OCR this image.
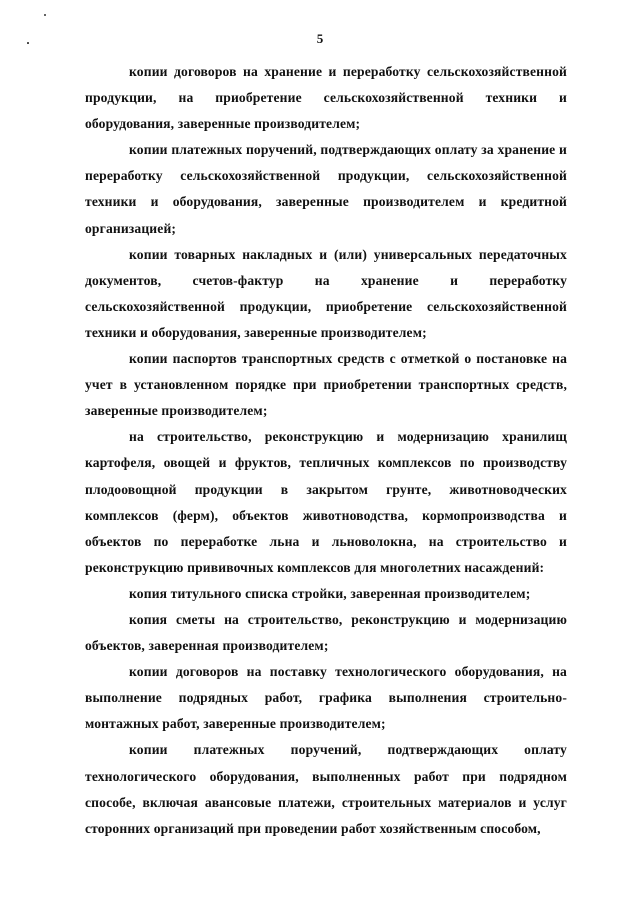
5

копии договоров на хранение и переработку сельскохозяйственной продукции, на приобретение сельскохозяйственной техники и оборудования, заверенные производителем;

копии платежных поручений, подтверждающих оплату за хранение и переработку сельскохозяйственной продукции, сельскохозяйственной техники и оборудования, заверенные производителем и кредитной организацией;

копии товарных накладных и (или) универсальных передаточных документов, счетов-фактур на хранение и переработку сельскохозяйственной продукции, приобретение сельскохозяйственной техники и оборудования, заверенные производителем;

копии паспортов транспортных средств с отметкой о постановке на учет в установленном порядке при приобретении транспортных средств, заверенные производителем;

на строительство, реконструкцию и модернизацию хранилищ картофеля, овощей и фруктов, тепличных комплексов по производству плодоовощной продукции в закрытом грунте, животноводческих комплексов (ферм), объектов животноводства, кормопроизводства и объектов по переработке льна и льноволокна, на строительство и реконструкцию прививочных комплексов для многолетних насаждений:

копия титульного списка стройки, заверенная производителем;

копия сметы на строительство, реконструкцию и модернизацию объектов, заверенная производителем;

копии договоров на поставку технологического оборудования, на выполнение подрядных работ, графика выполнения строительно-монтажных работ, заверенные производителем;

копии платежных поручений, подтверждающих оплату технологического оборудования, выполненных работ при подрядном способе, включая авансовые платежи, строительных материалов и услуг сторонних организаций при проведении работ хозяйственным способом,
